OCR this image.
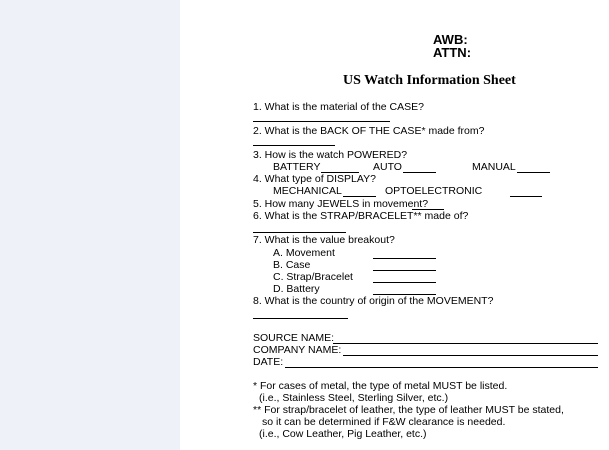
AWB:
ATTN:
US Watch Information Sheet
1. What is the material of the CASE?
2. What is the BACK OF THE CASE* made from?
3. How is the watch POWERED?
BATTERY	AUTO	MANUAL
4. What type of DISPLAY?
MECHANICAL	OPTOELECTRONIC
5. How many JEWELS in movement?
6. What is the STRAP/BRACELET** made of?
7. What is the value breakout?
A. Movement
B. Case
C. Strap/Bracelet
D. Battery
8. What is the country of origin of the MOVEMENT?
SOURCE NAME:
COMPANY NAME:
DATE:
* For cases of metal, the type of metal MUST be listed.
(i.e., Stainless Steel, Sterling Silver, etc.)
** For strap/bracelet of leather, the type of leather MUST be stated,
so it can be determined if F&W clearance is needed.
(i.e., Cow Leather, Pig Leather, etc.)
